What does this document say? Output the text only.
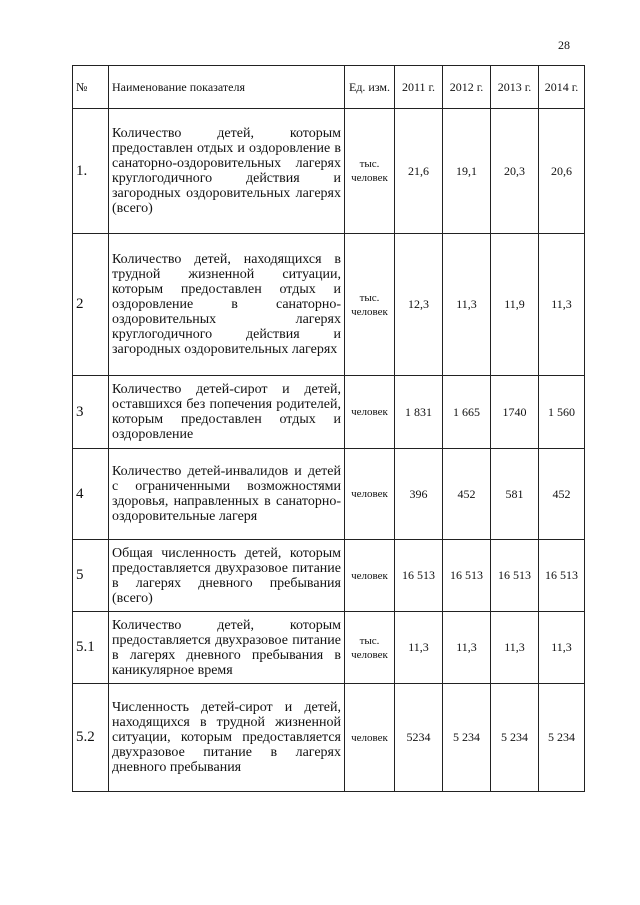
28
№	Наименование показателя	Ед. изм.	2011 г.	2012 г.	2013 г.	2014 г.
1.	Количество детей, которым предоставлен отдых и оздоровление в санаторно-оздоровительных лагерях круглогодичного действия и загородных оздоровительных лагерях (всего)	тыс. человек	21,6	19,1	20,3	20,6
2	Количество детей, находящихся в трудной жизненной ситуации, которым предоставлен отдых и оздоровление в санаторно-оздоровительных лагерях круглогодичного действия и загородных оздоровительных лагерях	тыс. человек	12,3	11,3	11,9	11,3
3	Количество детей-сирот и детей, оставшихся без попечения родителей, которым предоставлен отдых и оздоровление	человек	1 831	1 665	1740	1 560
4	Количество детей-инвалидов и детей с ограниченными возможностями здоровья, направленных в санаторно-оздоровительные лагеря	человек	396	452	581	452
5	Общая численность детей, которым предоставляется двухразовое питание в лагерях дневного пребывания (всего)	человек	16 513	16 513	16 513	16 513
5.1	Количество детей, которым предоставляется двухразовое питание в лагерях дневного пребывания в каникулярное время	тыс. человек	11,3	11,3	11,3	11,3
5.2	Численность детей-сирот и детей, находящихся в трудной жизненной ситуации, которым предоставляется двухразовое питание в лагерях дневного пребывания	человек	5234	5 234	5 234	5 234
